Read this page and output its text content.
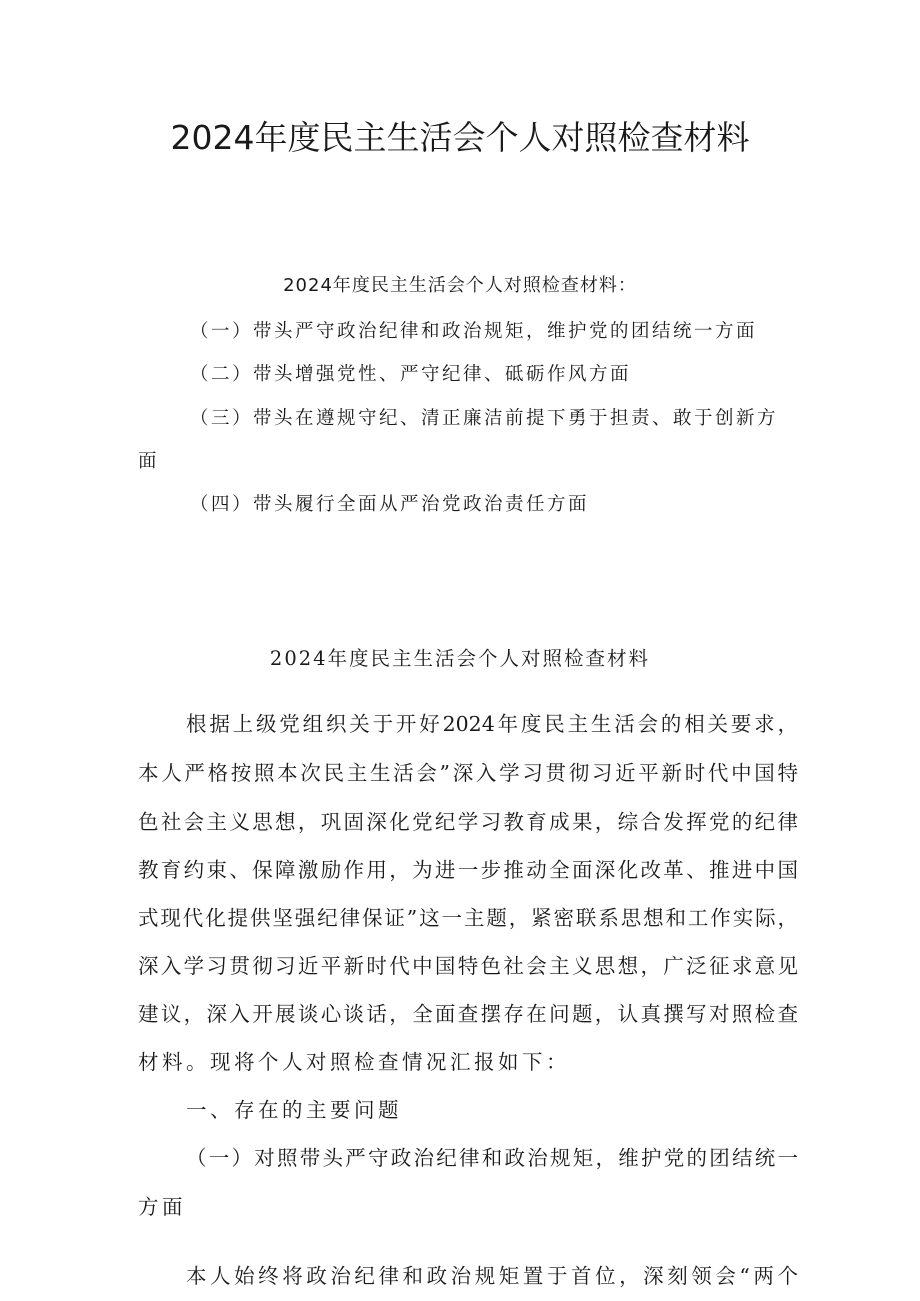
2024年度民主生活会个人对照检查材料
2024年度民主生活会个人对照检查材料：
（一）带头严守政治纪律和政治规矩，维护党的团结统一方面
（二）带头增强党性、严守纪律、砥砺作风方面
（三）带头在遵规守纪、清正廉洁前提下勇于担责、敢于创新方
面
（四）带头履行全面从严治党政治责任方面
2024年度民主生活会个人对照检查材料
根据上级党组织关于开好2024年度民主生活会的相关要求，
本人严格按照本次民主生活会”深入学习贯彻习近平新时代中国特
色社会主义思想，巩固深化党纪学习教育成果，综合发挥党的纪律
教育约束、保障激励作用，为进一步推动全面深化改革、推进中国
式现代化提供坚强纪律保证”这一主题，紧密联系思想和工作实际，
深入学习贯彻习近平新时代中国特色社会主义思想，广泛征求意见
建议，深入开展谈心谈话，全面查摆存在问题，认真撰写对照检查
材料。现将个人对照检查情况汇报如下：
一、存在的主要问题
（一）对照带头严守政治纪律和政治规矩，维护党的团结统一
方面
本人始终将政治纪律和政治规矩置于首位，深刻领会“两个
